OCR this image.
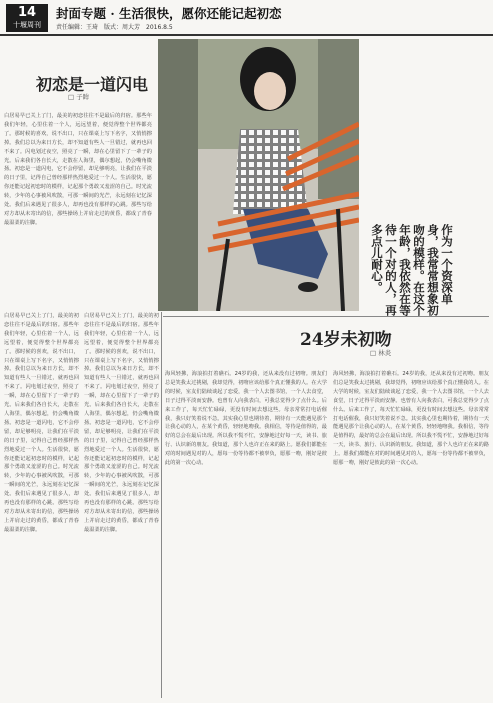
14
十堰周刊
封面专题 · 生活很快，愿你还能记起初恋
责任编辑：王琦　版式：周大芳　2016.8.5
初恋是一道闪电
□ 子眸
白居易早已关上了门，最美的初恋往往不是最后的归宿。那些年我们年轻，心里住着一个人，远远望着，便觉得整个世界都亮了。那时候的喜欢，说不出口，只在课桌上写下名字，又悄悄擦掉。我们总以为来日方长，却不知道有些人一旦错过，就再也回不来了。闪电划过夜空，照亮了一瞬，却在心里留下了一辈子的光。后来我们各自长大，走散在人海里，偶尔想起，仍会嘴角微扬。初恋是一道闪电，它不会停留，却足够明亮，让我们在平淡的日子里，记得自己曾经那样热烈地爱过一个人。生活很快，愿你还能记起初恋时的模样，记起那个勇敢又羞涩的自己。时光流转，少年的心事被风吹散，可那一瞬间的光芒，永远刻在记忆深处。我们后来遇见了很多人，却再也没有那样的心跳。那些写给对方却从未寄出的信，那些操场上并肩走过的黄昏，都成了青春最温柔的注脚。
白居易早已关上了门，最美的初恋往往不是最后的归宿。那些年我们年轻，心里住着一个人，远远望着，便觉得整个世界都亮了。那时候的喜欢，说不出口，只在课桌上写下名字，又悄悄擦掉。我们总以为来日方长，却不知道有些人一旦错过，就再也回不来了。闪电划过夜空，照亮了一瞬，却在心里留下了一辈子的光。后来我们各自长大，走散在人海里，偶尔想起，仍会嘴角微扬。初恋是一道闪电，它不会停留，却足够明亮，让我们在平淡的日子里，记得自己曾经那样热烈地爱过一个人。生活很快，愿你还能记起初恋时的模样，记起那个勇敢又羞涩的自己。时光流转，少年的心事被风吹散，可那一瞬间的光芒，永远刻在记忆深处。我们后来遇见了很多人，却再也没有那样的心跳。那些写给对方却从未寄出的信，那些操场上并肩走过的黄昏，都成了青春最温柔的注脚。
白居易早已关上了门，最美的初恋往往不是最后的归宿。那些年我们年轻，心里住着一个人，远远望着，便觉得整个世界都亮了。那时候的喜欢，说不出口，只在课桌上写下名字，又悄悄擦掉。我们总以为来日方长，却不知道有些人一旦错过，就再也回不来了。闪电划过夜空，照亮了一瞬，却在心里留下了一辈子的光。后来我们各自长大，走散在人海里，偶尔想起，仍会嘴角微扬。初恋是一道闪电，它不会停留，却足够明亮，让我们在平淡的日子里，记得自己曾经那样热烈地爱过一个人。生活很快，愿你还能记起初恋时的模样，记起那个勇敢又羞涩的自己。时光流转，少年的心事被风吹散，可那一瞬间的光芒，永远刻在记忆深处。我们后来遇见了很多人，却再也没有那样的心跳。那些写给对方却从未寄出的信，那些操场上并肩走过的黄昏，都成了青春最温柔的注脚。
24岁未初吻
□ 林炎
作为一个资深单身，我常常想象初吻的模样。在这个年龄，我依然在等待一个对的人，再多点儿耐心。
海风轻拂，海浪拍打着礁石。24岁的我，还从来没有过初吻。朋友们总是笑我太过挑剔，我却觉得，初吻应该给那个真正懂我的人。在大学的时候，室友们陆续谈起了恋爱，我一个人去图书馆，一个人去食堂，日子过得平淡而安静。也曾有人向我表白，可我总觉得少了点什么。后来工作了，每天忙忙碌碌，更没有时间去想这些。母亲常常打电话催我，我只好笑着说不急。其实我心里也期待着，期待有一天能遇见那个让我心动的人，在某个黄昏，轻轻地吻我。我相信，等待是值得的，最好的总会在最后出现。所以我不慌不忙，安静地过好每一天，读书、旅行、认识新的朋友。我知道，那个人也许正在来的路上。愿我们都能在对的时间遇见对的人，愿每一份等待都不被辜负，愿那一吻，刚好是彼此的第一次心动。
海风轻拂，海浪拍打着礁石。24岁的我，还从来没有过初吻。朋友们总是笑我太过挑剔，我却觉得，初吻应该给那个真正懂我的人。在大学的时候，室友们陆续谈起了恋爱，我一个人去图书馆，一个人去食堂，日子过得平淡而安静。也曾有人向我表白，可我总觉得少了点什么。后来工作了，每天忙忙碌碌，更没有时间去想这些。母亲常常打电话催我，我只好笑着说不急。其实我心里也期待着，期待有一天能遇见那个让我心动的人，在某个黄昏，轻轻地吻我。我相信，等待是值得的，最好的总会在最后出现。所以我不慌不忙，安静地过好每一天，读书、旅行、认识新的朋友。我知道，那个人也许正在来的路上。愿我们都能在对的时间遇见对的人，愿每一份等待都不被辜负，愿那一吻，刚好是彼此的第一次心动。
